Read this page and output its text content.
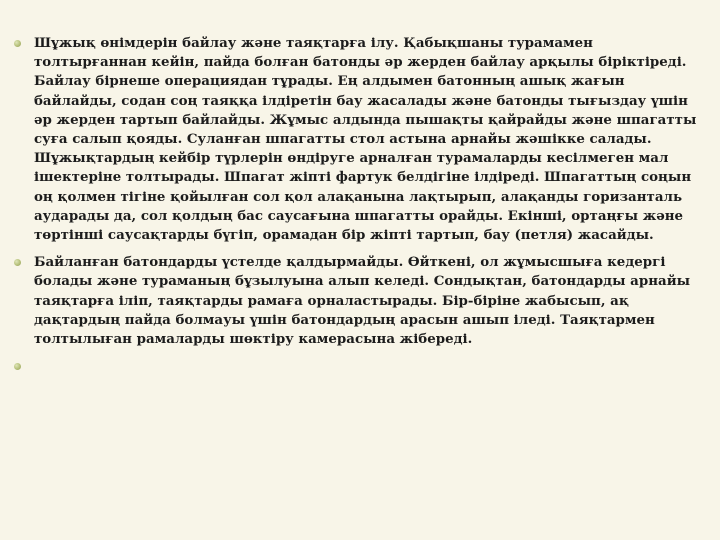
Шұжық өнімдерін байлау және таяқтарға ілу. Қабықшаны турамамен толтырғаннан кейін, пайда болған батонды әр жерден байлау арқылы біріктіреді. Байлау бірнеше операциядан тұрады. Ең алдымен батонның ашық жағын байлайды, содан соң таяққа ілдіретін бау жасалады және батонды тығыздау үшін әр жерден тартып байлайды. Жұмыс алдында пышақты қайрайды және шпагатты суға салып қояды. Суланған шпагатты стол астына арнайы жәшікке салады. Шұжықтардың кейбір түрлерін өндіруге арналған турамаларды кесілмеген мал ішектеріне толтырады. Шпагат жіпті фартук белдігіне ілдіреді. Шпагаттың соңын оң қолмен тігіне қойылған сол қол алақанына лақтырып, алақанды горизанталь аударады да, сол қолдың бас саусағына шпагатты орайды. Екінші, ортаңғы және төртінші саусақтарды бүгіп, орамадан бір жіпті тартып, бау (петля) жасайды.
Байланған батондарды үстелде қалдырмайды. Өйткені, ол жұмысшыға кедергі болады және тураманың бұзылуына алып келеді. Сондықтан, батондарды арнайы таяқтарға іліп, таяқтарды рамаға орналастырады. Бір-біріне жабысып, ақ дақтардың пайда болмауы үшін батондардың арасын ашып іледі. Таяқтармен толтылыған рамаларды шөктіру камерасына жібереді.
